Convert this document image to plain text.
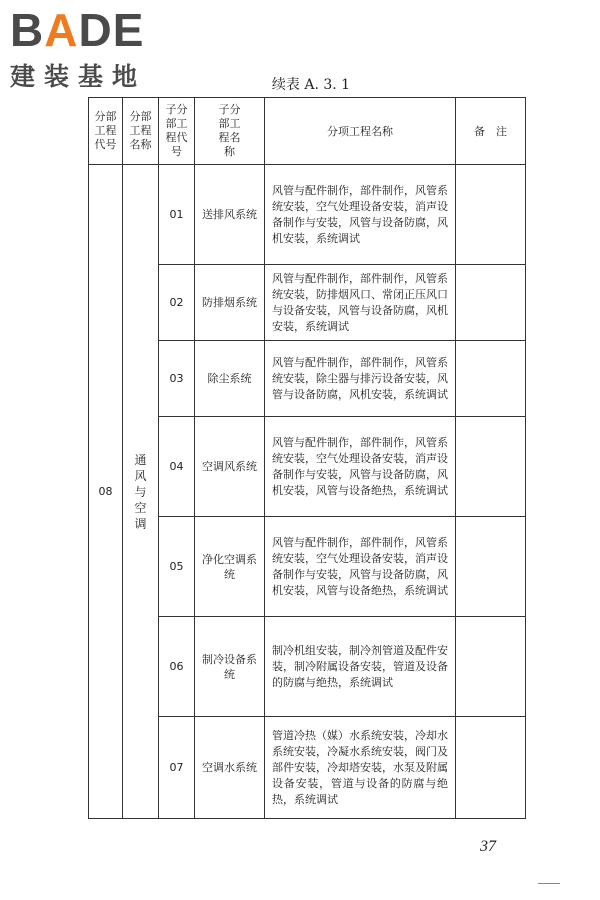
BADE
建装基地	续表 A. 3. 1
分部工程代号	分部工程名称	子分部工程代号	子分部工程名称	分项工程名称	备　注
08	通风与空调	01	送排风系统	风管与配件制作，部件制作，风管系统安装，空气处理设备安装，消声设备制作与安装，风管与设备防腐，风机安装，系统调试	
		02	防排烟系统	风管与配件制作，部件制作，风管系统安装，防排烟风口、常闭正压风口与设备安装，风管与设备防腐，风机安装，系统调试	
		03	除尘系统	风管与配件制作，部件制作，风管系统安装，除尘器与排污设备安装，风管与设备防腐，风机安装，系统调试	
		04	空调风系统	风管与配件制作，部件制作，风管系统安装，空气处理设备安装，消声设备制作与安装，风管与设备防腐，风机安装，风管与设备绝热，系统调试	
		05	净化空调系统	风管与配件制作，部件制作，风管系统安装，空气处理设备安装，消声设备制作与安装，风管与设备防腐，风机安装，风管与设备绝热，系统调试	
		06	制冷设备系统	制冷机组安装，制冷剂管道及配件安装，制冷附属设备安装，管道及设备的防腐与绝热，系统调试	
		07	空调水系统	管道冷热（媒）水系统安装，冷却水系统安装，冷凝水系统安装，阀门及部件安装，冷却塔安装，水泵及附属设备安装，管道与设备的防腐与绝热，系统调试	
37
